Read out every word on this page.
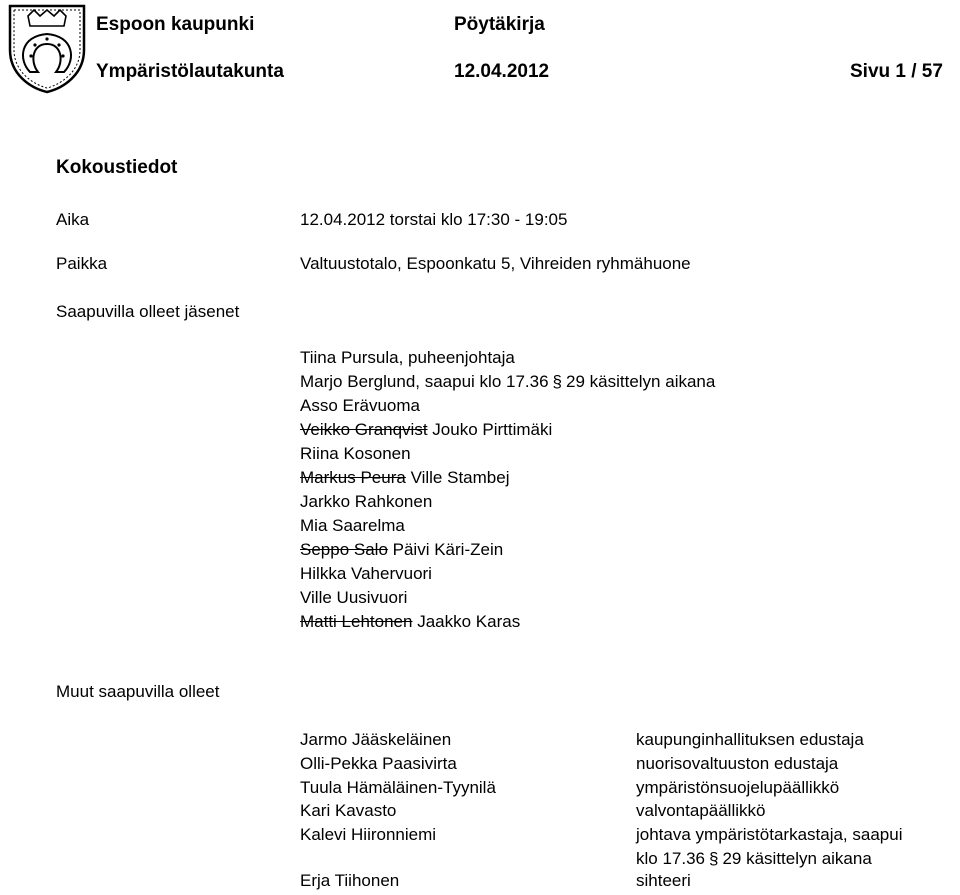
Espoon kaupunki	Pöytäkirja
Ympäristölautakunta	12.04.2012	Sivu 1 / 57
Kokoustiedot
Aika	12.04.2012 torstai klo 17:30 - 19:05
Paikka	Valtuustotalo, Espoonkatu 5, Vihreiden ryhmähuone
Saapuvilla olleet jäsenet
Tiina Pursula, puheenjohtaja
Marjo Berglund, saapui klo 17.36 § 29 käsittelyn aikana
Asso Erävuoma
Veikko Granqvist Jouko Pirttimäki
Riina Kosonen
Markus Peura Ville Stambej
Jarkko Rahkonen
Mia Saarelma
Seppo Salo Päivi Käri-Zein
Hilkka Vahervuori
Ville Uusivuori
Matti Lehtonen Jaakko Karas
Muut saapuvilla olleet
Jarmo Jääskeläinen	kaupunginhallituksen edustaja
Olli-Pekka Paasivirta	nuorisovaltuuston edustaja
Tuula Hämäläinen-Tyynilä	ympäristönsuojelupäällikkö
Kari Kavasto	valvontapäällikkö
Kalevi Hiironniemi	johtava ympäristötarkastaja, saapui
klo 17.36 § 29 käsittelyn aikana
Erja Tiihonen	sihteeri
